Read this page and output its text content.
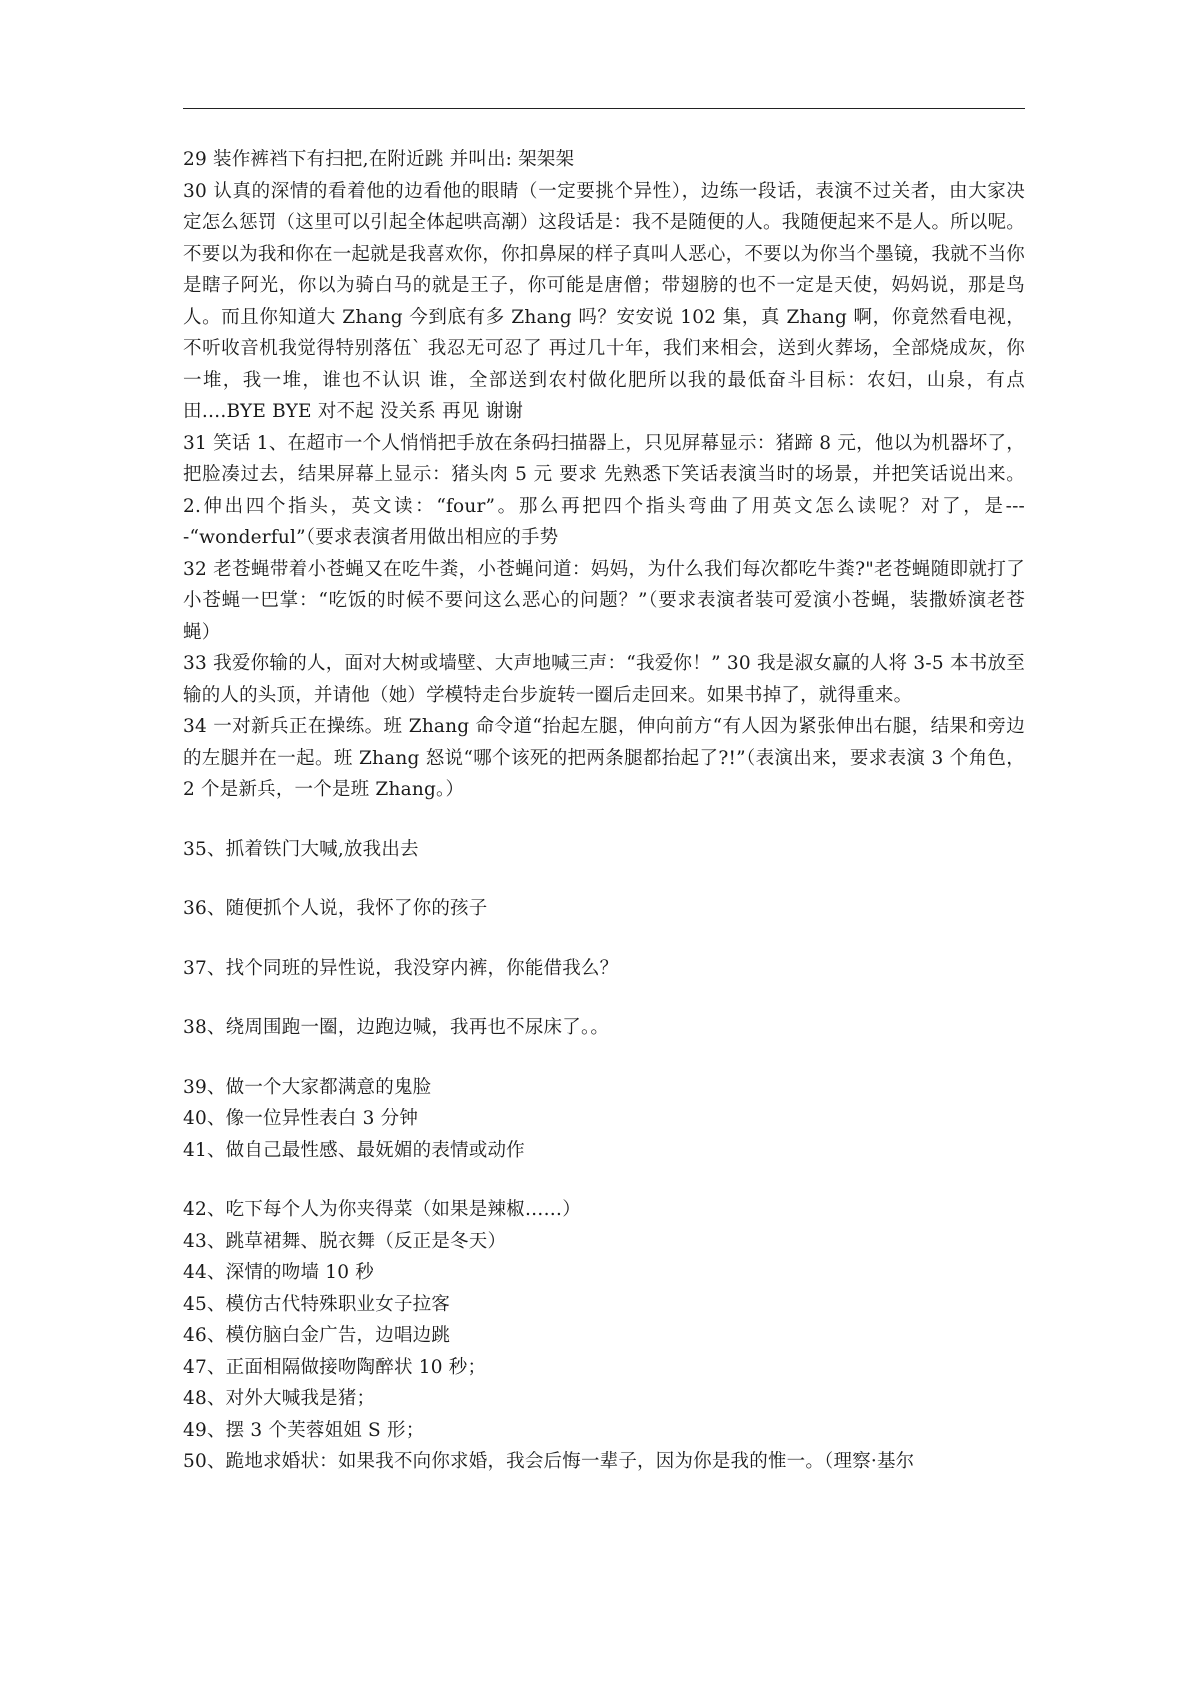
29 装作裤裆下有扫把,在附近跳 并叫出: 架架架

30 认真的深情的看着他的边看他的眼睛（一定要挑个异性），边练一段话，表演不过关者，由大家决定怎么惩罚（这里可以引起全体起哄高潮）这段话是：我不是随便的人。我随便起来不是人。所以呢。不要以为我和你在一起就是我喜欢你，你扣鼻屎的样子真叫人恶心，不要以为你当个墨镜，我就不当你是瞎子阿光，你以为骑白马的就是王子，你可能是唐僧；带翅膀的也不一定是天使，妈妈说，那是鸟人。而且你知道大 Zhang 今到底有多 Zhang 吗？安安说 102 集，真 Zhang 啊，你竟然看电视，不听收音机我觉得特别落伍` 我忍无可忍了 再过几十年，我们来相会，送到火葬场，全部烧成灰，你一堆，我一堆，谁也不认识 谁，全部送到农村做化肥所以我的最低奋斗目标：农妇，山泉，有点田….BYE BYE 对不起 没关系 再见 谢谢

31 笑话 1、在超市一个人悄悄把手放在条码扫描器上，只见屏幕显示：猪蹄 8 元，他以为机器坏了，把脸凑过去，结果屏幕上显示：猪头肉 5 元 要求 先熟悉下笑话表演当时的场景，并把笑话说出来。            2.伸出四个指头，英文读：“four”。那么再把四个指头弯曲了用英文怎么读呢？对了，是----“wonderful”（要求表演者用做出相应的手势

32 老苍蝇带着小苍蝇又在吃牛粪，小苍蝇问道：妈妈，为什么我们每次都吃牛粪?"老苍蝇随即就打了小苍蝇一巴掌：“吃饭的时候不要问这么恶心的问题？”（要求表演者装可爱演小苍蝇，装撒娇演老苍蝇）

33 我爱你输的人，面对大树或墙壁、大声地喊三声：“我爱你！” 30 我是淑女赢的人将 3-5 本书放至输的人的头顶，并请他（她）学模特走台步旋转一圈后走回来。如果书掉了，就得重来。

34 一对新兵正在操练。班 Zhang 命令道“抬起左腿，伸向前方“有人因为紧张伸出右腿，结果和旁边的左腿并在一起。班 Zhang 怒说“哪个该死的把两条腿都抬起了?!”（表演出来，要求表演 3 个角色，2 个是新兵，一个是班 Zhang。）

35、抓着铁门大喊,放我出去

36、随便抓个人说，我怀了你的孩子

37、找个同班的异性说，我没穿内裤，你能借我么？

38、绕周围跑一圈，边跑边喊，我再也不尿床了。。

39、做一个大家都满意的鬼脸

40、像一位异性表白 3 分钟

41、做自己最性感、最妩媚的表情或动作

42、吃下每个人为你夹得菜（如果是辣椒……）

43、跳草裙舞、脱衣舞（反正是冬天）

44、深情的吻墙 10 秒

45、模仿古代特殊职业女子拉客

46、模仿脑白金广告，边唱边跳

47、正面相隔做接吻陶醉状 10 秒；

48、对外大喊我是猪；

49、摆 3 个芙蓉姐姐 S 形；

50、跪地求婚状：如果我不向你求婚，我会后悔一辈子，因为你是我的惟一。（理察·基尔
